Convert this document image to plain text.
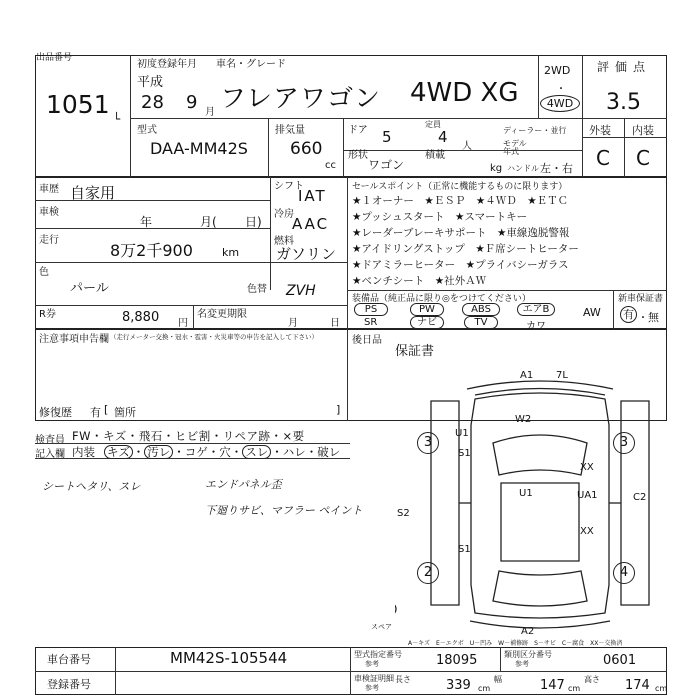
出品番号
1051 └
初度登録年月 車名・グレード
平成
28 9 月 フレアワゴン 4WD XG
2WD
・
4WD
評価点
3.5
外装 内装
C C
型式
DAA-MM42S
排気量
660
cc
ドア 5
定員
4
人
ディーラー・並行
モデル年式
形状
ワゴン
積載
kg ハンドル 左・右
車歴 自家用
車検
年	月( 日)
走行
8万2千900	km
シフト
IAT
冷房
AAC
燃料
ガソリン
色
パール	色替 ZVH
R券	8,880 円
名変更期限
月	日
セールスポイント（正常に機能するものに限ります）
★１オーナー　★ＥＳＰ　★４ＷＤ　★ＥＴＣ
★プッシュスタート　★スマートキー
★レーダーブレーキサポート　★車線逸脱警報
★アイドリングストップ　★Ｆ席シートヒーター
★ドアミラーヒーター　★プライバシーガラス
★ベンチシート　★社外ＡＷ
装備品（純正品に限り◎をつけてください）
PS	PW	ABS	エアB
SR	ナビ	TV	カワ
AW
新車保証書
有 ・ 無
注意事項申告欄 （走行メーター交換・冠水・雹害・火災車等の申告を記入して下さい）
修復歴 有 [ 箇所	]
後日品
保証書
検査員
記入欄
FW・キズ・飛石・ヒビ割・リペア跡・×要
内装 キズ ・ 汚レ ・コゲ・穴・ スレ ・ハレ・破レ
シートヘタリ、スレ	エンドパネル歪
下廻りサビ、マフラー ペイント
3	3
2	4
A1 7L
W2
U1
S1
XX
UA1	C2
U1
S2
XX
S1
A2
スペア
A－キズ　E－エクボ　U－凹み　W－補修跡　S－サビ　C－腐食　XX－交換済
車台番号	MM42S-105544
登録番号
型式指定番号
参考	18095	類別区分番号
参考	0601
車検証明細
参考
長さ	339 cm
幅	147 cm
高さ 174 cm
